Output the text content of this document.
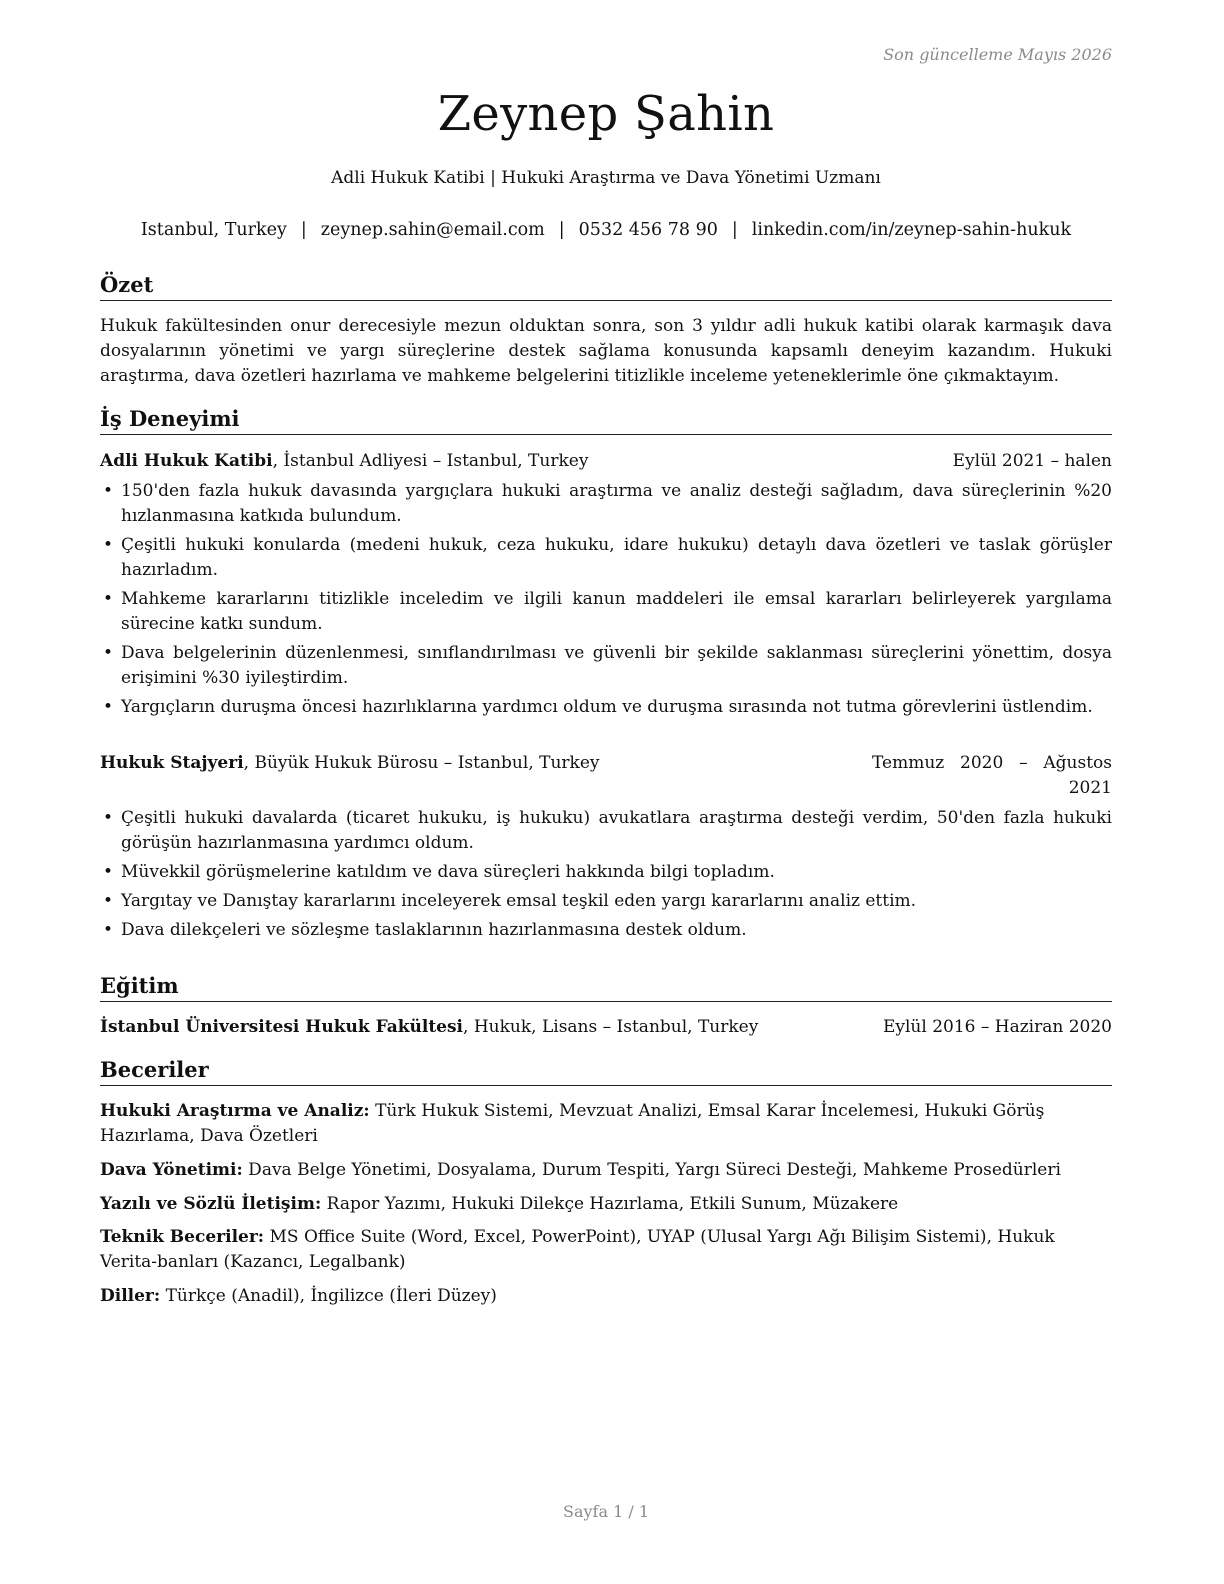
Son güncelleme Mayıs 2026
Zeynep Şahin
Adli Hukuk Katibi | Hukuki Araştırma ve Dava Yönetimi Uzmanı
Istanbul, Turkey | zeynep.sahin@email.com | 0532 456 78 90 | linkedin.com/in/zeynep-sahin-hukuk
Özet
Hukuk fakültesinden onur derecesiyle mezun olduktan sonra, son 3 yıldır adli hukuk katibi olarak karmaşık dava dosyalarının yönetimi ve yargı süreçlerine destek sağlama konusunda kapsamlı deneyim kazandım. Hukuki araştırma, dava özetleri hazırlama ve mahkeme belgelerini titizlikle inceleme yeteneklerimle öne çıkmaktayım.
İş Deneyimi
Adli Hukuk Katibi, İstanbul Adliyesi – Istanbul, Turkey	Eylül 2021 – halen
• 150'den fazla hukuk davasında yargıçlara hukuki araştırma ve analiz desteği sağladım, dava süreçlerinin %20 hızlanmasına katkıda bulundum.
• Çeşitli hukuki konularda (medeni hukuk, ceza hukuku, idare hukuku) detaylı dava özetleri ve taslak görüşler hazırladım.
• Mahkeme kararlarını titizlikle inceledim ve ilgili kanun maddeleri ile emsal kararları belirleyerek yargılama sürecine katkı sundum.
• Dava belgelerinin düzenlenmesi, sınıflandırılması ve güvenli bir şekilde saklanması süreçlerini yönettim, dosya erişimini %30 iyileştirdim.
• Yargıçların duruşma öncesi hazırlıklarına yardımcı oldum ve duruşma sırasında not tutma görevlerini üstlendim.
Hukuk Stajyeri, Büyük Hukuk Bürosu – Istanbul, Turkey	Temmuz 2020 – Ağustos 2021
• Çeşitli hukuki davalarda (ticaret hukuku, iş hukuku) avukatlara araştırma desteği verdim, 50'den fazla hukuki görüşün hazırlanmasına yardımcı oldum.
• Müvekkil görüşmelerine katıldım ve dava süreçleri hakkında bilgi topladım.
• Yargıtay ve Danıştay kararlarını inceleyerek emsal teşkil eden yargı kararlarını analiz ettim.
• Dava dilekçeleri ve sözleşme taslaklarının hazırlanmasına destek oldum.
Eğitim
İstanbul Üniversitesi Hukuk Fakültesi, Hukuk, Lisans – Istanbul, Turkey	Eylül 2016 – Haziran 2020
Beceriler
Hukuki Araştırma ve Analiz: Türk Hukuk Sistemi, Mevzuat Analizi, Emsal Karar İncelemesi, Hukuki Görüş Hazırlama, Dava Özetleri
Dava Yönetimi: Dava Belge Yönetimi, Dosyalama, Durum Tespiti, Yargı Süreci Desteği, Mahkeme Prosedürleri
Yazılı ve Sözlü İletişim: Rapor Yazımı, Hukuki Dilekçe Hazırlama, Etkili Sunum, Müzakere
Teknik Beceriler: MS Office Suite (Word, Excel, PowerPoint), UYAP (Ulusal Yargı Ağı Bilişim Sistemi), Hukuk Verita-banları (Kazancı, Legalbank)
Diller: Türkçe (Anadil), İngilizce (İleri Düzey)
Sayfa 1 / 1
